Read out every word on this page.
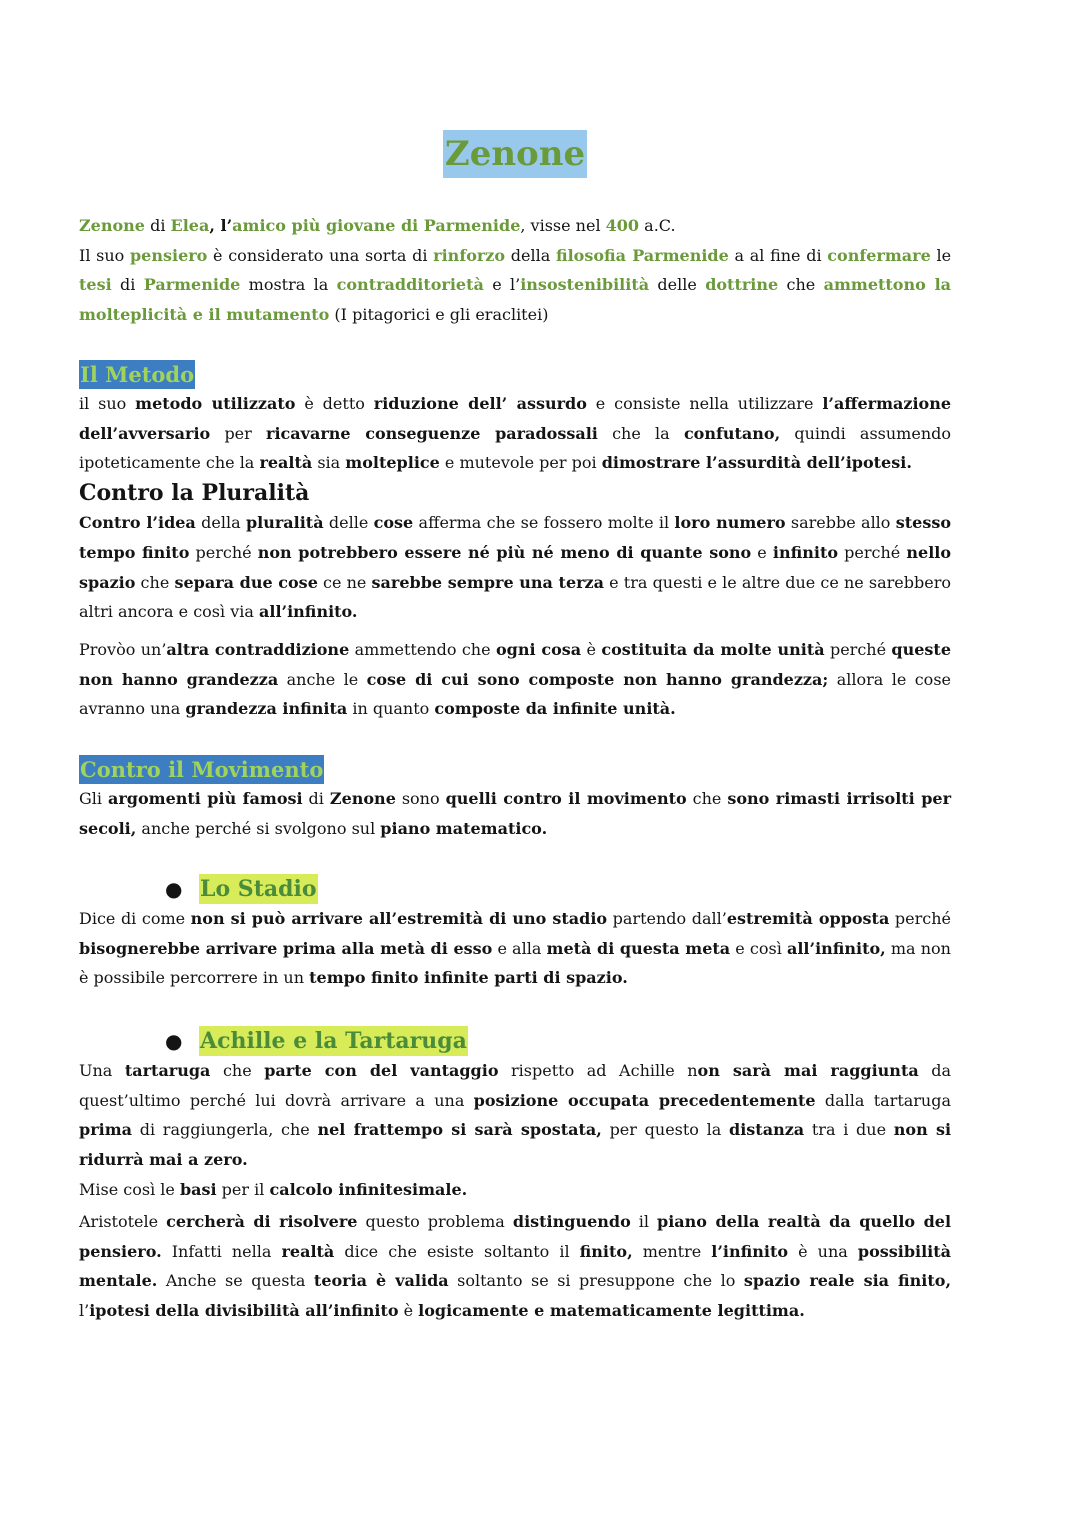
Zenone

Zenone di Elea, l’amico più giovane di Parmenide, visse nel 400 a.C.

Il suo pensiero è considerato una sorta di rinforzo della filosofia Parmenide a al fine di confermare le tesi di Parmenide mostra la contradditorietà e l’insostenibilità delle dottrine che ammettono la molteplicità e il mutamento (I pitagorici e gli eraclitei)

Il Metodo

il suo metodo utilizzato è detto riduzione dell’ assurdo e consiste nella utilizzare l’affermazione dell’avversario per ricavarne conseguenze paradossali che la confutano, quindi assumendo ipoteticamente che la realtà sia molteplice e mutevole per poi dimostrare l’assurdità dell’ipotesi.

Contro la Pluralità

Contro l’idea della pluralità delle cose afferma che se fossero molte il loro numero sarebbe allo stesso tempo finito perché non potrebbero essere né più né meno di quante sono e infinito perché nello spazio che separa due cose ce ne sarebbe sempre una terza e tra questi e le altre due ce ne sarebbero altri ancora e così via all’infinito.

Provòo un’altra contraddizione ammettendo che ogni cosa è costituita da molte unità perché queste non hanno grandezza anche le cose di cui sono composte non hanno grandezza; allora le cose avranno una grandezza infinita in quanto composte da infinite unità.

Contro il Movimento

Gli argomenti più famosi di Zenone sono quelli contro il movimento che sono rimasti irrisolti per secoli, anche perché si svolgono sul piano matematico.

● Lo Stadio

Dice di come non si può arrivare all’estremità di uno stadio partendo dall’estremità opposta perché bisognerebbe arrivare prima alla metà di esso e alla metà di questa meta e così all’infinito, ma non è possibile percorrere in un tempo finito infinite parti di spazio.

● Achille e la Tartaruga

Una tartaruga che parte con del vantaggio rispetto ad Achille non sarà mai raggiunta da quest’ultimo perché lui dovrà arrivare a una posizione occupata precedentemente dalla tartaruga prima di raggiungerla, che nel frattempo si sarà spostata, per questo la distanza tra i due non si ridurrà mai a zero.

Mise così le basi per il calcolo infinitesimale.

Aristotele cercherà di risolvere questo problema distinguendo il piano della realtà da quello del pensiero. Infatti nella realtà dice che esiste soltanto il finito, mentre l’infinito è una possibilità mentale. Anche se questa teoria è valida soltanto se si presuppone che lo spazio reale sia finito, l’ipotesi della divisibilità all’infinito è logicamente e matematicamente legittima.
